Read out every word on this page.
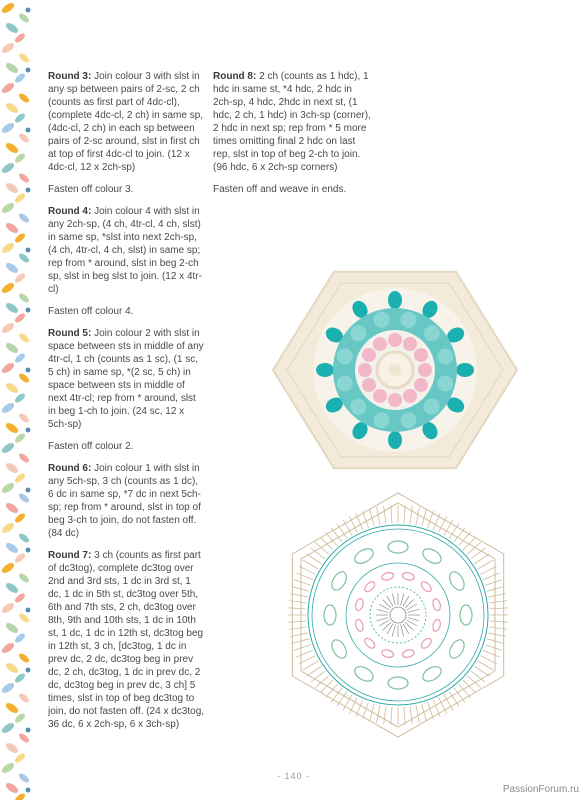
Round 3: Join colour 3 with slst in any sp between pairs of 2-sc, 2 ch (counts as first part of 4dc-cl), (complete 4dc-cl, 2 ch) in same sp, (4dc-cl, 2 ch) in each sp between pairs of 2-sc around, slst in first ch at top of first 4dc-cl to join. (12 x 4dc-cl, 12 x 2ch-sp)

Fasten off colour 3.

Round 4: Join colour 4 with slst in any 2ch-sp, (4 ch, 4tr-cl, 4 ch, slst) in same sp, *slst into next 2ch-sp, (4 ch, 4tr-cl, 4 ch, slst) in same sp; rep from * around, slst in beg 2-ch sp, slst in beg slst to join. (12 x 4tr-cl)

Fasten off colour 4.

Round 5: Join colour 2 with slst in space between sts in middle of any 4tr-cl, 1 ch (counts as 1 sc), (1 sc, 5 ch) in same sp, *(2 sc, 5 ch) in space between sts in middle of next 4tr-cl; rep from * around, slst in beg 1-ch to join. (24 sc, 12 x 5ch-sp)

Fasten off colour 2.

Round 6: Join colour 1 with slst in any 5ch-sp, 3 ch (counts as 1 dc), 6 dc in same sp, *7 dc in next 5ch-sp; rep from * around, slst in top of beg 3-ch to join, do not fasten off. (84 dc)

Round 7: 3 ch (counts as first part of dc3tog), complete dc3tog over 2nd and 3rd sts, 1 dc in 3rd st, 1 dc, 1 dc in 5th st, dc3tog over 5th, 6th and 7th sts, 2 ch, dc3tog over 8th, 9th and 10th sts, 1 dc in 10th st, 1 dc, 1 dc in 12th st, dc3tog beg in 12th st, 3 ch, [dc3tog, 1 dc in prev dc, 2 dc, dc3tog beg in prev dc, 2 ch, dc3tog, 1 dc in prev dc, 2 dc, dc3tog beg in prev dc, 3 ch] 5 times, slst in top of beg dc3tog to join, do not fasten off. (24 x dc3tog, 36 dc, 6 x 2ch-sp, 6 x 3ch-sp)

Round 8: 2 ch (counts as 1 hdc), 1 hdc in same st, *4 hdc, 2 hdc in 2ch-sp, 4 hdc, 2hdc in next st, (1 hdc, 2 ch, 1 hdc) in 3ch-sp (corner), 2 hdc in next sp; rep from * 5 more times omitting final 2 hdc on last rep, slst in top of beg 2-ch to join. (96 hdc, 6 x 2ch-sp corners)

Fasten off and weave in ends.

- 140 -
PassionForum.ru
